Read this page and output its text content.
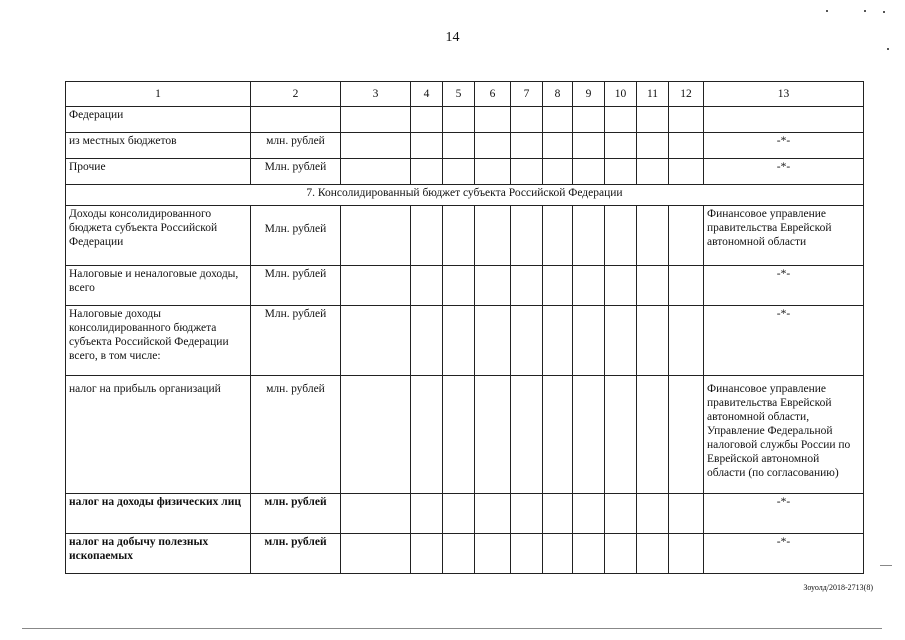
14
1	2	3	4	5	6	7	8	9	10	11	12	13
Федерации												
из местных бюджетов	млн. рублей											-*-
Прочие	Млн. рублей											-*-
7. Консолидированный бюджет субъекта Российской Федерации												
Доходы консолидированного бюджета субъекта Российской Федерации	Млн. рублей											Финансовое управление правительства Еврейской автономной области
Налоговые и неналоговые доходы, всего	Млн. рублей											-*-
Налоговые доходы консолидированного бюджета субъекта Российской Федерации всего, в том числе:	Млн. рублей											-*-
налог на прибыль организаций	млн. рублей											Финансовое управление правительства Еврейской автономной области, Управление Федеральной налоговой службы России по Еврейской автономной области (по согласованию)
налог на доходы физических лиц	млн. рублей											-*-
налог на добычу полезных ископаемых	млн. рублей											-*-
Зоуолд/2018-2713(8)
